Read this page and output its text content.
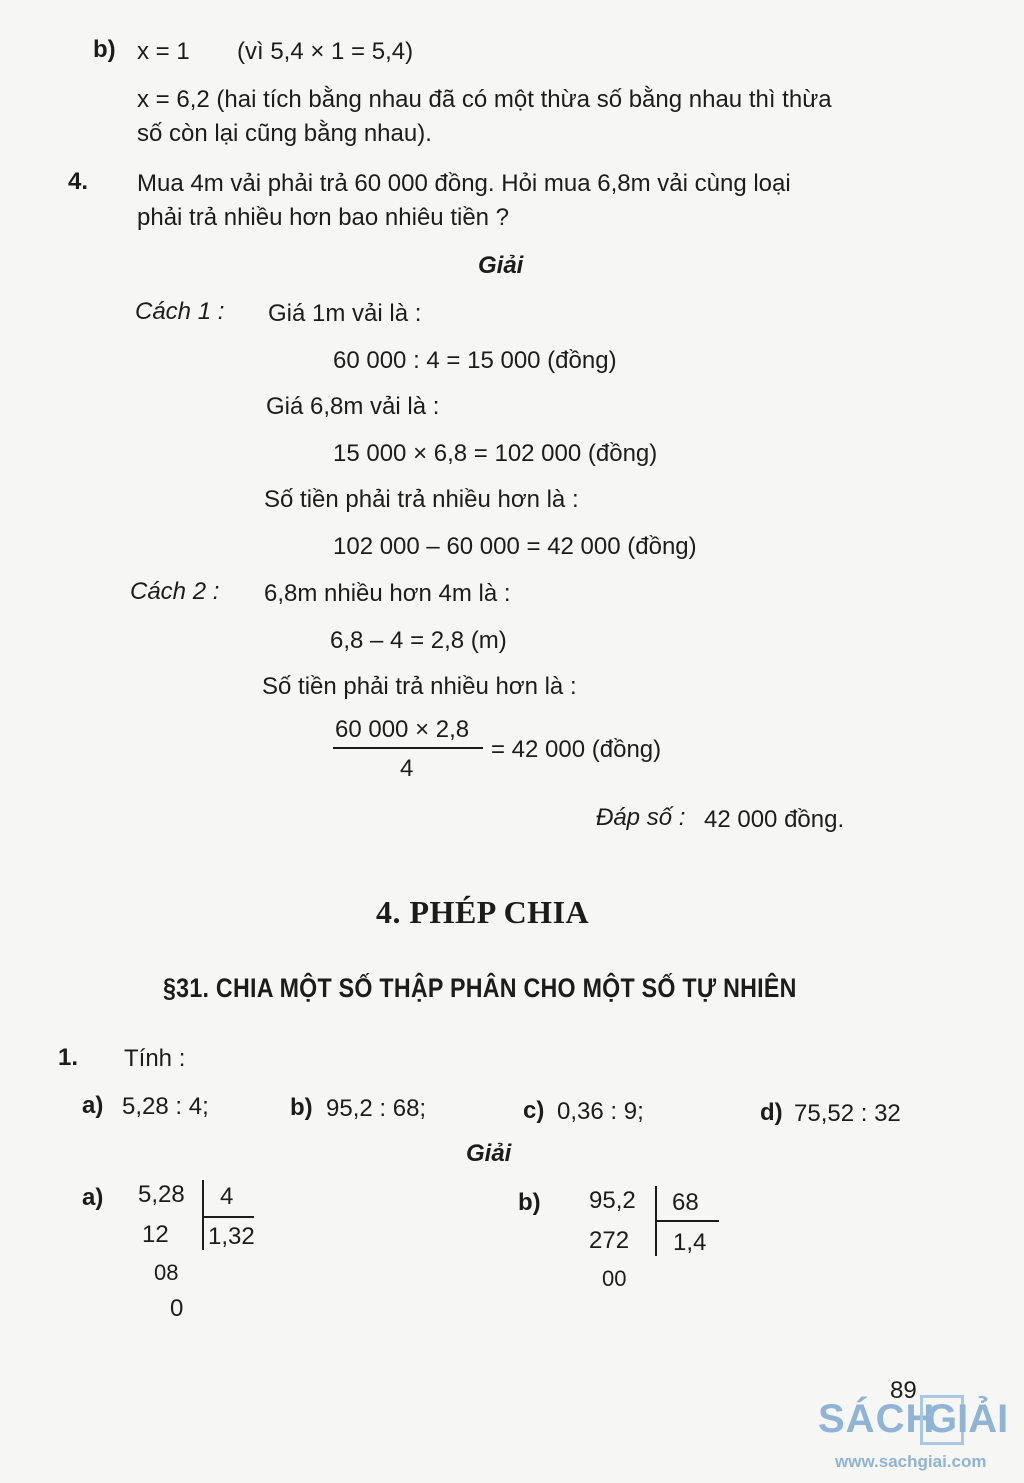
b) x = 1 (vì 5,4 × 1 = 5,4)
x = 6,2 (hai tích bằng nhau đã có một thừa số bằng nhau thì thừa
số còn lại cũng bằng nhau).
4. Mua 4m vải phải trả 60 000 đồng. Hỏi mua 6,8m vải cùng loại
phải trả nhiều hơn bao nhiêu tiền ?
Giải
Cách 1 : Giá 1m vải là :
60 000 : 4 = 15 000 (đồng)
Giá 6,8m vải là :
15 000 × 6,8 = 102 000 (đồng)
Số tiền phải trả nhiều hơn là :
102 000 – 60 000 = 42 000 (đồng)
Cách 2 : 6,8m nhiều hơn 4m là :
6,8 – 4 = 2,8 (m)
Số tiền phải trả nhiều hơn là :
60 000 × 2,8
4
= 42 000 (đồng)
Đáp số : 42 000 đồng.
4. PHÉP CHIA
§31. CHIA MỘT SỐ THẬP PHÂN CHO MỘT SỐ TỰ NHIÊN
1. Tính :
a) 5,28 : 4;	b) 95,2 : 68;	c) 0,36 : 9;	d) 75,52 : 32
Giải
a) 5,28 4
1,32
12
08
0
b) 95,2 68
1,4
272
00
89
SÁCH
GIẢI
www.sachgiai.com
